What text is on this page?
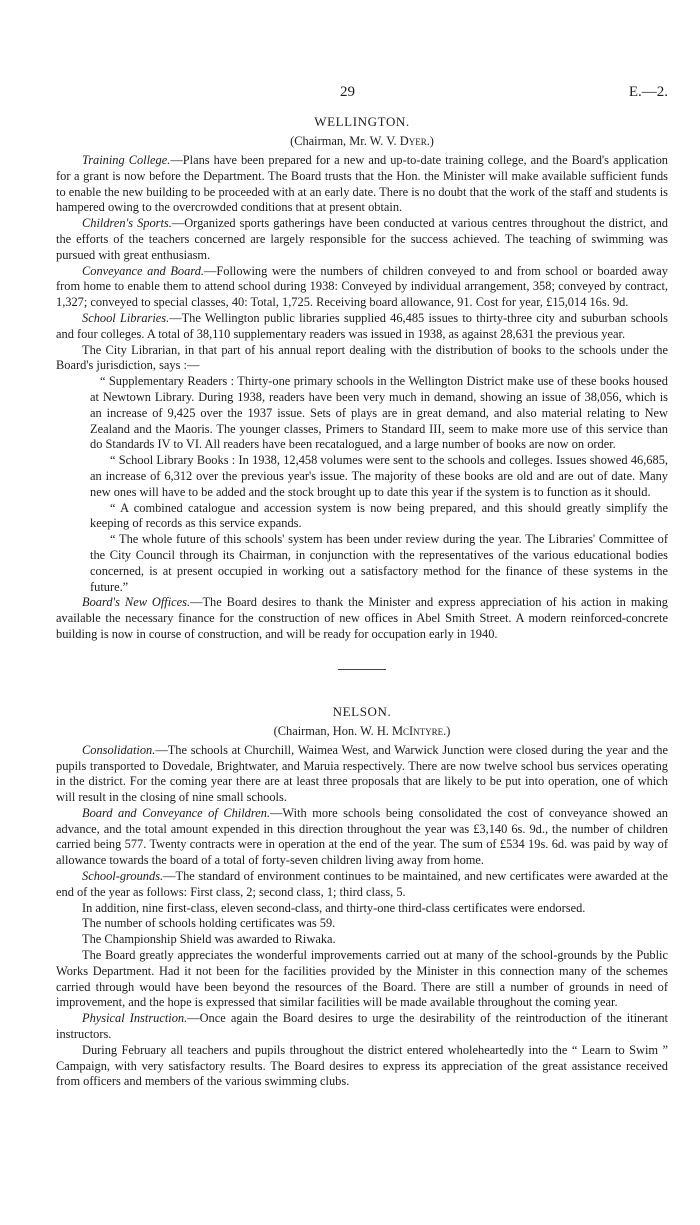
29	E.—2.
WELLINGTON.
(Chairman, Mr. W. V. Dyer.)

Training College.—Plans have been prepared for a new and up-to-date training college, and the Board's application for a grant is now before the Department. The Board trusts that the Hon. the Minister will make available sufficient funds to enable the new building to be proceeded with at an early date. There is no doubt that the work of the staff and students is hampered owing to the overcrowded conditions that at present obtain.

Children's Sports.—Organized sports gatherings have been conducted at various centres throughout the district, and the efforts of the teachers concerned are largely responsible for the success achieved. The teaching of swimming was pursued with great enthusiasm.

Conveyance and Board.—Following were the numbers of children conveyed to and from school or boarded away from home to enable them to attend school during 1938: Conveyed by individual arrangement, 358; conveyed by contract, 1,327; conveyed to special classes, 40: Total, 1,725. Receiving board allowance, 91. Cost for year, £15,014 16s. 9d.

School Libraries.—The Wellington public libraries supplied 46,485 issues to thirty-three city and suburban schools and four colleges. A total of 38,110 supplementary readers was issued in 1938, as against 28,631 the previous year.

The City Librarian, in that part of his annual report dealing with the distribution of books to the schools under the Board's jurisdiction, says :—

“ Supplementary Readers : Thirty-one primary schools in the Wellington District make use of these books housed at Newtown Library. During 1938, readers have been very much in demand, showing an issue of 38,056, which is an increase of 9,425 over the 1937 issue. Sets of plays are in great demand, and also material relating to New Zealand and the Maoris. The younger classes, Primers to Standard III, seem to make more use of this service than do Standards IV to VI. All readers have been recatalogued, and a large number of books are now on order.

“ School Library Books : In 1938, 12,458 volumes were sent to the schools and colleges. Issues showed 46,685, an increase of 6,312 over the previous year's issue. The majority of these books are old and are out of date. Many new ones will have to be added and the stock brought up to date this year if the system is to function as it should.

“ A combined catalogue and accession system is now being prepared, and this should greatly simplify the keeping of records as this service expands.

“ The whole future of this schools' system has been under review during the year. The Libraries' Committee of the City Council through its Chairman, in conjunction with the representatives of the various educational bodies concerned, is at present occupied in working out a satisfactory method for the finance of these systems in the future.”

Board's New Offices.—The Board desires to thank the Minister and express appreciation of his action in making available the necessary finance for the construction of new offices in Abel Smith Street. A modern reinforced-concrete building is now in course of construction, and will be ready for occupation early in 1940.

NELSON.
(Chairman, Hon. W. H. McIntyre.)

Consolidation.—The schools at Churchill, Waimea West, and Warwick Junction were closed during the year and the pupils transported to Dovedale, Brightwater, and Maruia respectively. There are now twelve school bus services operating in the district. For the coming year there are at least three proposals that are likely to be put into operation, one of which will result in the closing of nine small schools.

Board and Conveyance of Children.—With more schools being consolidated the cost of conveyance showed an advance, and the total amount expended in this direction throughout the year was £3,140 6s. 9d., the number of children carried being 577. Twenty contracts were in operation at the end of the year. The sum of £534 19s. 6d. was paid by way of allowance towards the board of a total of forty-seven children living away from home.

School-grounds.—The standard of environment continues to be maintained, and new certificates were awarded at the end of the year as follows: First class, 2; second class, 1; third class, 5.

In addition, nine first-class, eleven second-class, and thirty-one third-class certificates were endorsed.

The number of schools holding certificates was 59.

The Championship Shield was awarded to Riwaka.

The Board greatly appreciates the wonderful improvements carried out at many of the school-grounds by the Public Works Department. Had it not been for the facilities provided by the Minister in this connection many of the schemes carried through would have been beyond the resources of the Board. There are still a number of grounds in need of improvement, and the hope is expressed that similar facilities will be made available throughout the coming year.

Physical Instruction.—Once again the Board desires to urge the desirability of the reintroduction of the itinerant instructors.

During February all teachers and pupils throughout the district entered wholeheartedly into the “ Learn to Swim ” Campaign, with very satisfactory results. The Board desires to express its appreciation of the great assistance received from officers and members of the various swimming clubs.
